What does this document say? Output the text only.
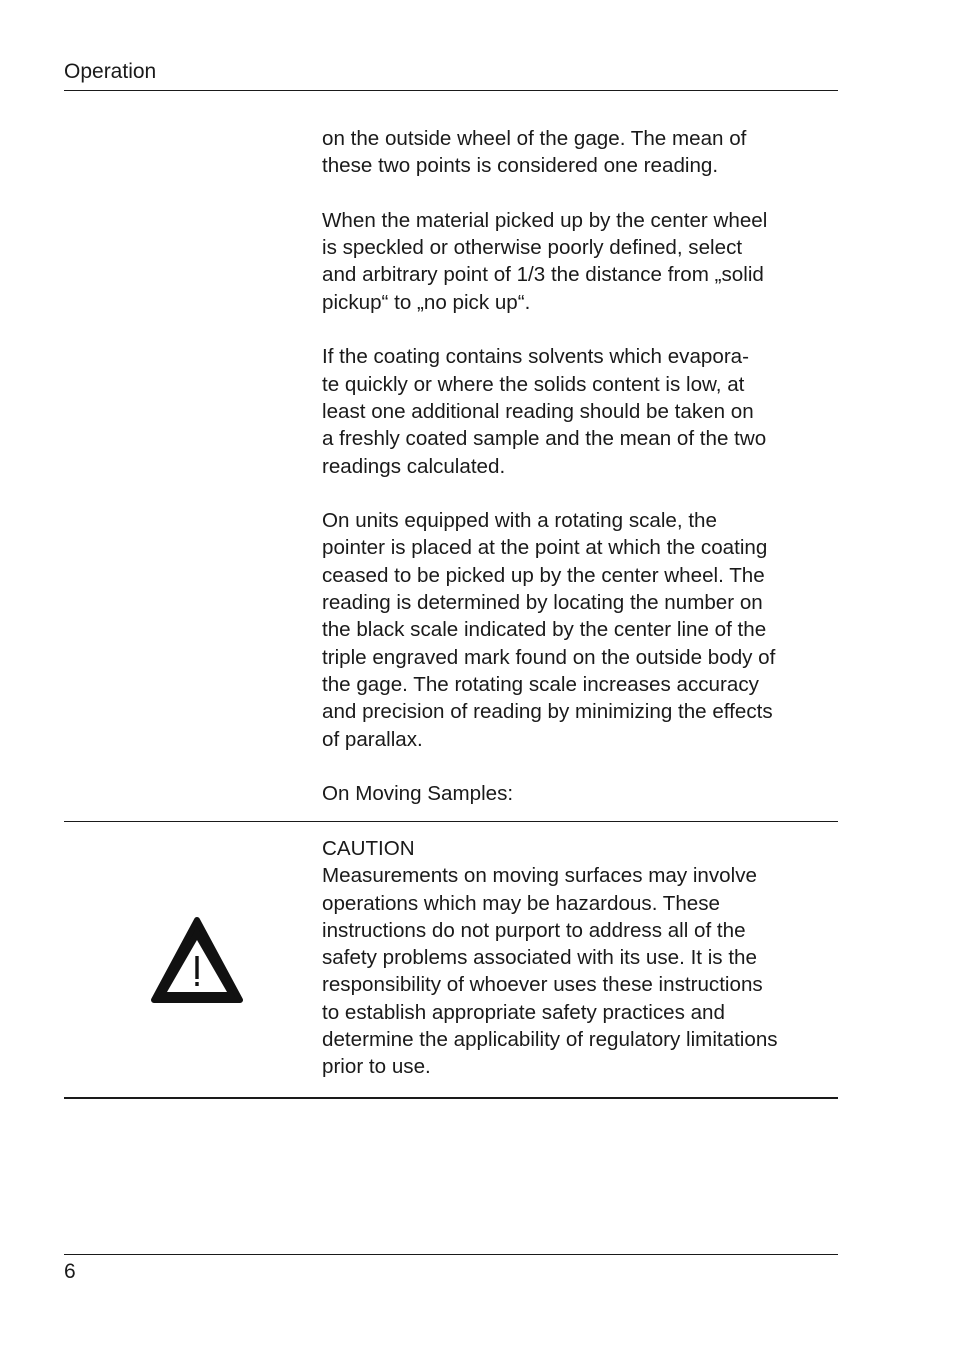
Operation

on the outside wheel of the gage. The mean of
these two points is considered one reading.

When the material picked up by the center wheel
is speckled or otherwise poorly defined, select
and arbitrary point of 1/3 the distance from „solid
pickup“ to „no pick up“.

If the coating contains solvents which evapora-
te quickly or where the solids content is low, at
least one additional reading should be taken on
a freshly coated sample and the mean of the two
readings calculated.

On units equipped with a rotating scale, the
pointer is placed at the point at which the coating
ceased to be picked up by the center wheel. The
reading is determined by locating the number on
the black scale indicated by the center line of the
triple engraved mark found on the outside body of
the gage. The rotating scale increases accuracy
and precision of reading by minimizing the effects
of parallax.

On Moving Samples:

CAUTION

Measurements on moving surfaces may involve
operations which may be hazardous. These
instructions do not purport to address all of the
safety problems associated with its use. It is the
responsibility of whoever uses these instructions
to establish appropriate safety practices and
determine the applicability of regulatory limitations
prior to use.

6
